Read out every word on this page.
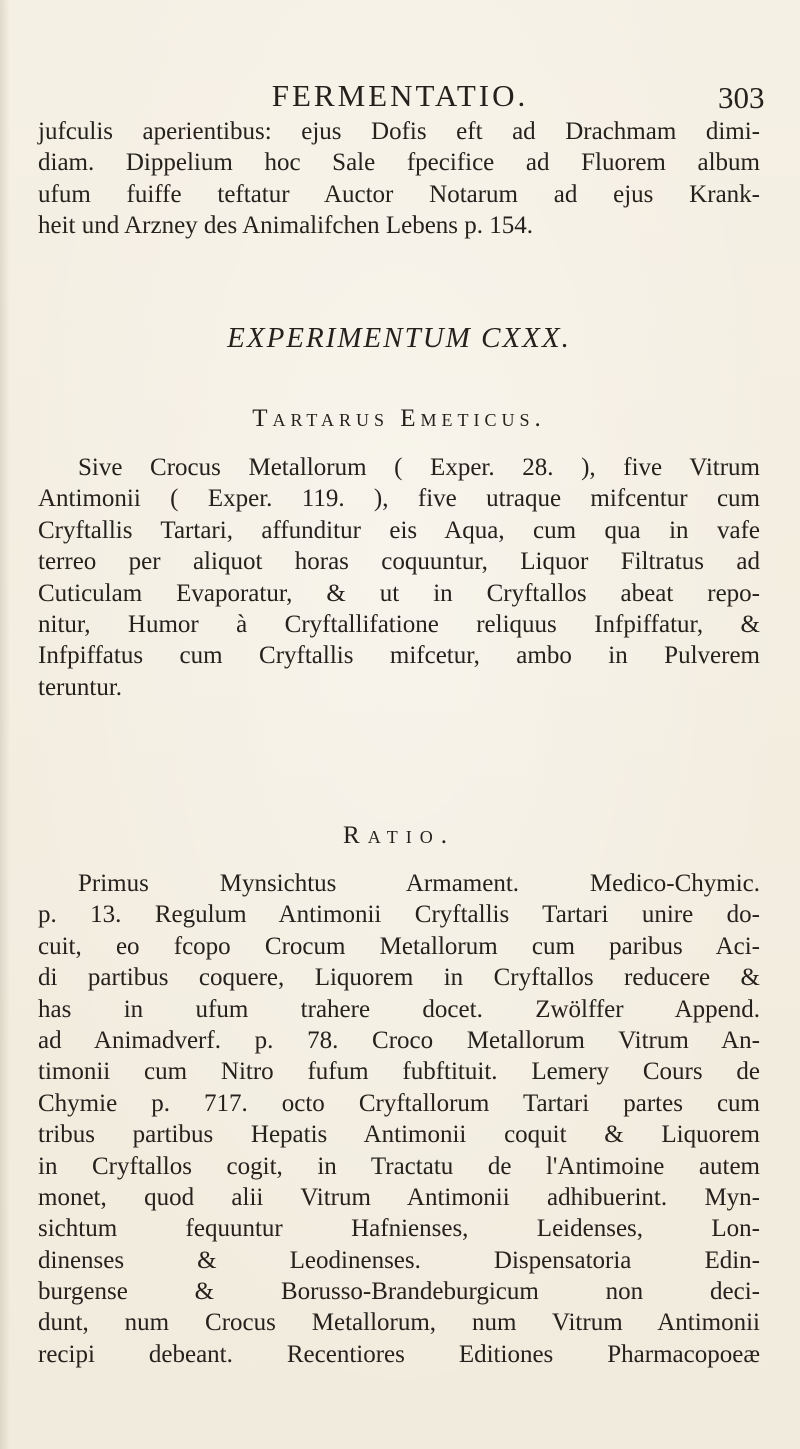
FERMENTATIO.	303
jufculis aperientibus: ejus Dofis eft ad Drachmam dimi-
diam. Dippelium hoc Sale fpecifice ad Fluorem album
ufum fuiffe teftatur Auctor Notarum ad ejus Krank-
heit und Arzney des Animalifchen Lebens p. 154.
EXPERIMENTUM CXXX.
Tartarus Emeticus.
Sive Crocus Metallorum ( Exper. 28. ), five Vitrum
Antimonii ( Exper. 119. ), five utraque mifcentur cum
Cryftallis Tartari, affunditur eis Aqua, cum qua in vafe
terreo per aliquot horas coquuntur, Liquor Filtratus ad
Cuticulam Evaporatur, & ut in Cryftallos abeat repo-
nitur, Humor à Cryftallifatione reliquus Infpiffatur, &
Infpiffatus cum Cryftallis mifcetur, ambo in Pulverem
teruntur.
Ratio.
Primus Mynsichtus Armament. Medico-Chymic.
p. 13. Regulum Antimonii Cryftallis Tartari unire do-
cuit, eo fcopo Crocum Metallorum cum paribus Aci-
di partibus coquere, Liquorem in Cryftallos reducere &
has in ufum trahere docet. Zwölffer Append.
ad Animadverf. p. 78. Croco Metallorum Vitrum An-
timonii cum Nitro fufum fubftituit. Lemery Cours de
Chymie p. 717. octo Cryftallorum Tartari partes cum
tribus partibus Hepatis Antimonii coquit & Liquorem
in Cryftallos cogit, in Tractatu de l'Antimoine autem
monet, quod alii Vitrum Antimonii adhibuerint. Myn-
sichtum fequuntur Hafnienses, Leidenses, Lon-
dinenses & Leodinenses. Dispensatoria Edin-
burgense & Borusso-Brandeburgicum non deci-
dunt, num Crocus Metallorum, num Vitrum Antimonii
recipi debeant. Recentiores Editiones Pharmacopoeæ
